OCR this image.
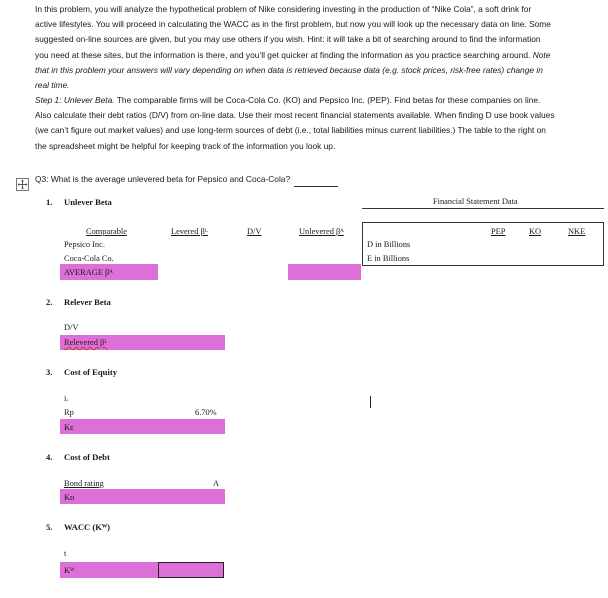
In this problem, you will analyze the hypothetical problem of Nike considering investing in the production of “Nike Cola”, a soft drink for active lifestyles. You will proceed in calculating the WACC as in the first problem, but now you will look up the necessary data on line. Some suggested on-line sources are given, but you may use others if you wish. Hint: it will take a bit of searching around to find the information you need at these sites, but the information is there, and you’ll get quicker at finding the information as you practice searching around. Note that in this problem your answers will vary depending on when data is retrieved because data (e.g. stock prices, risk-free rates) change in real time.
Step 1: Unlever Beta. The comparable firms will be Coca-Cola Co. (KO) and Pepsico Inc. (PEP). Find betas for these companies on line. Also calculate their debt ratios (D/V) from on-line data. Use their most recent financial statements available. When finding D use book values (we can’t figure out market values) and use long-term sources of debt (i.e., total liabilities minus current liabilities.) The table to the right on the spreadsheet might be helpful for keeping track of the information you look up.
Q3: What is the average unlevered beta for Pepsico and Coca-Cola?
1. Unlever Beta	Financial Statement Data
PEP	KO	NKE
D in Billions
E in Billions
Comparable	Levered βᴸ	D/V	Unlevered βᴬ
Pepsico Inc.
Coca-Cola Co.
AVERAGE βᴬ
2. Relever Beta
D/V
Relevered βᴸ
3. Cost of Equity
iᵣ
Rp	6.70%
Kᴇ
4. Cost of Debt
Bond rating	A
Kᴅ
5. WACC (Kᵂ)
t
Kᵂ
